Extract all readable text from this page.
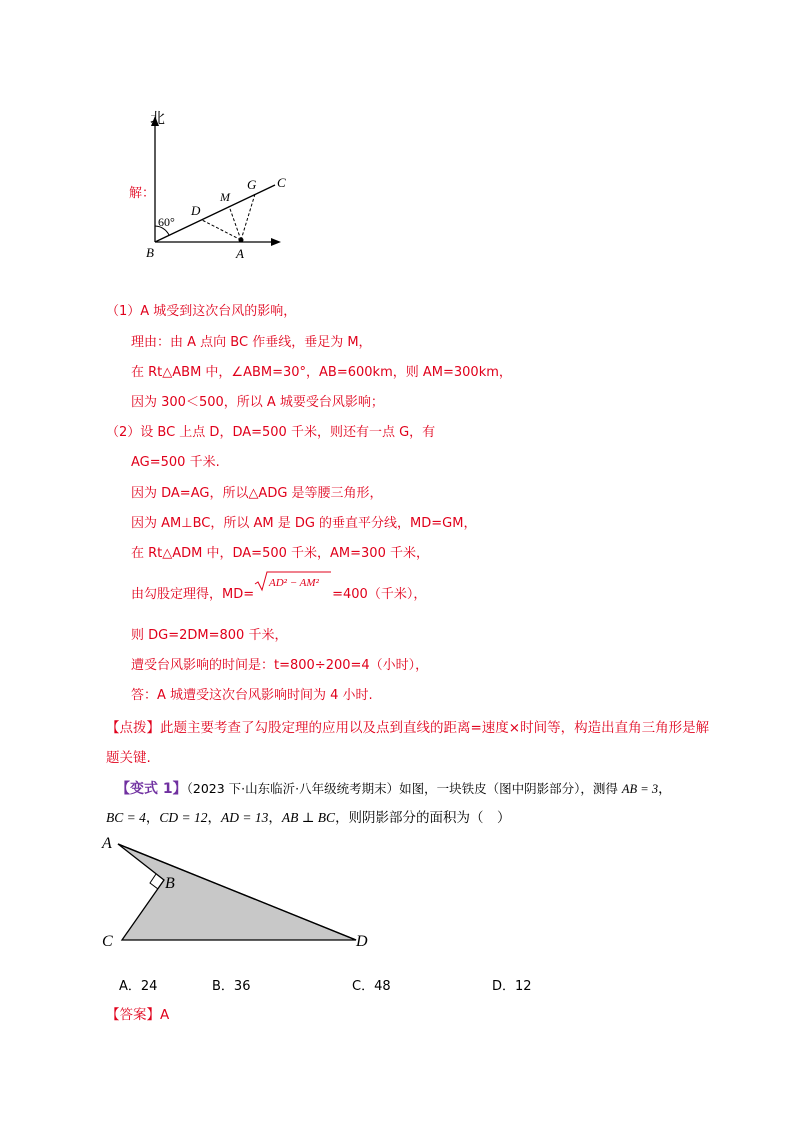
解：
北
60°
B	A
D
M
G C
（1）A 城受到这次台风的影响，
理由：由 A 点向 BC 作垂线，垂足为 M，
在 Rt△ABM 中，∠ABM=30°，AB=600km，则 AM=300km，
因为 300＜500，所以 A 城要受台风影响；
（2）设 BC 上点 D，DA=500 千米，则还有一点 G，有
AG=500 千米.
因为 DA=AG，所以△ADG 是等腰三角形，
因为 AM⊥BC，所以 AM 是 DG 的垂直平分线，MD=GM，
在 Rt△ADM 中，DA=500 千米，AM=300 千米，
由勾股定理得，MD=
AD² − AM²
=400（千米），
则 DG=2DM=800 千米，
遭受台风影响的时间是：t=800÷200=4（小时），
答：A 城遭受这次台风影响时间为 4 小时.
【点拨】此题主要考查了勾股定理的应用以及点到直线的距离=速度×时间等，构造出直角三角形是解
题关键.
【变式 1】（2023 下·山东临沂·八年级统考期末）如图，一块铁皮（图中阴影部分），测得 AB = 3，
BC = 4，CD = 12，AD = 13，AB ⊥ BC，则阴影部分的面积为（　）
A
B
C	D
A．24	B．36	C．48	D．12
【答案】A
